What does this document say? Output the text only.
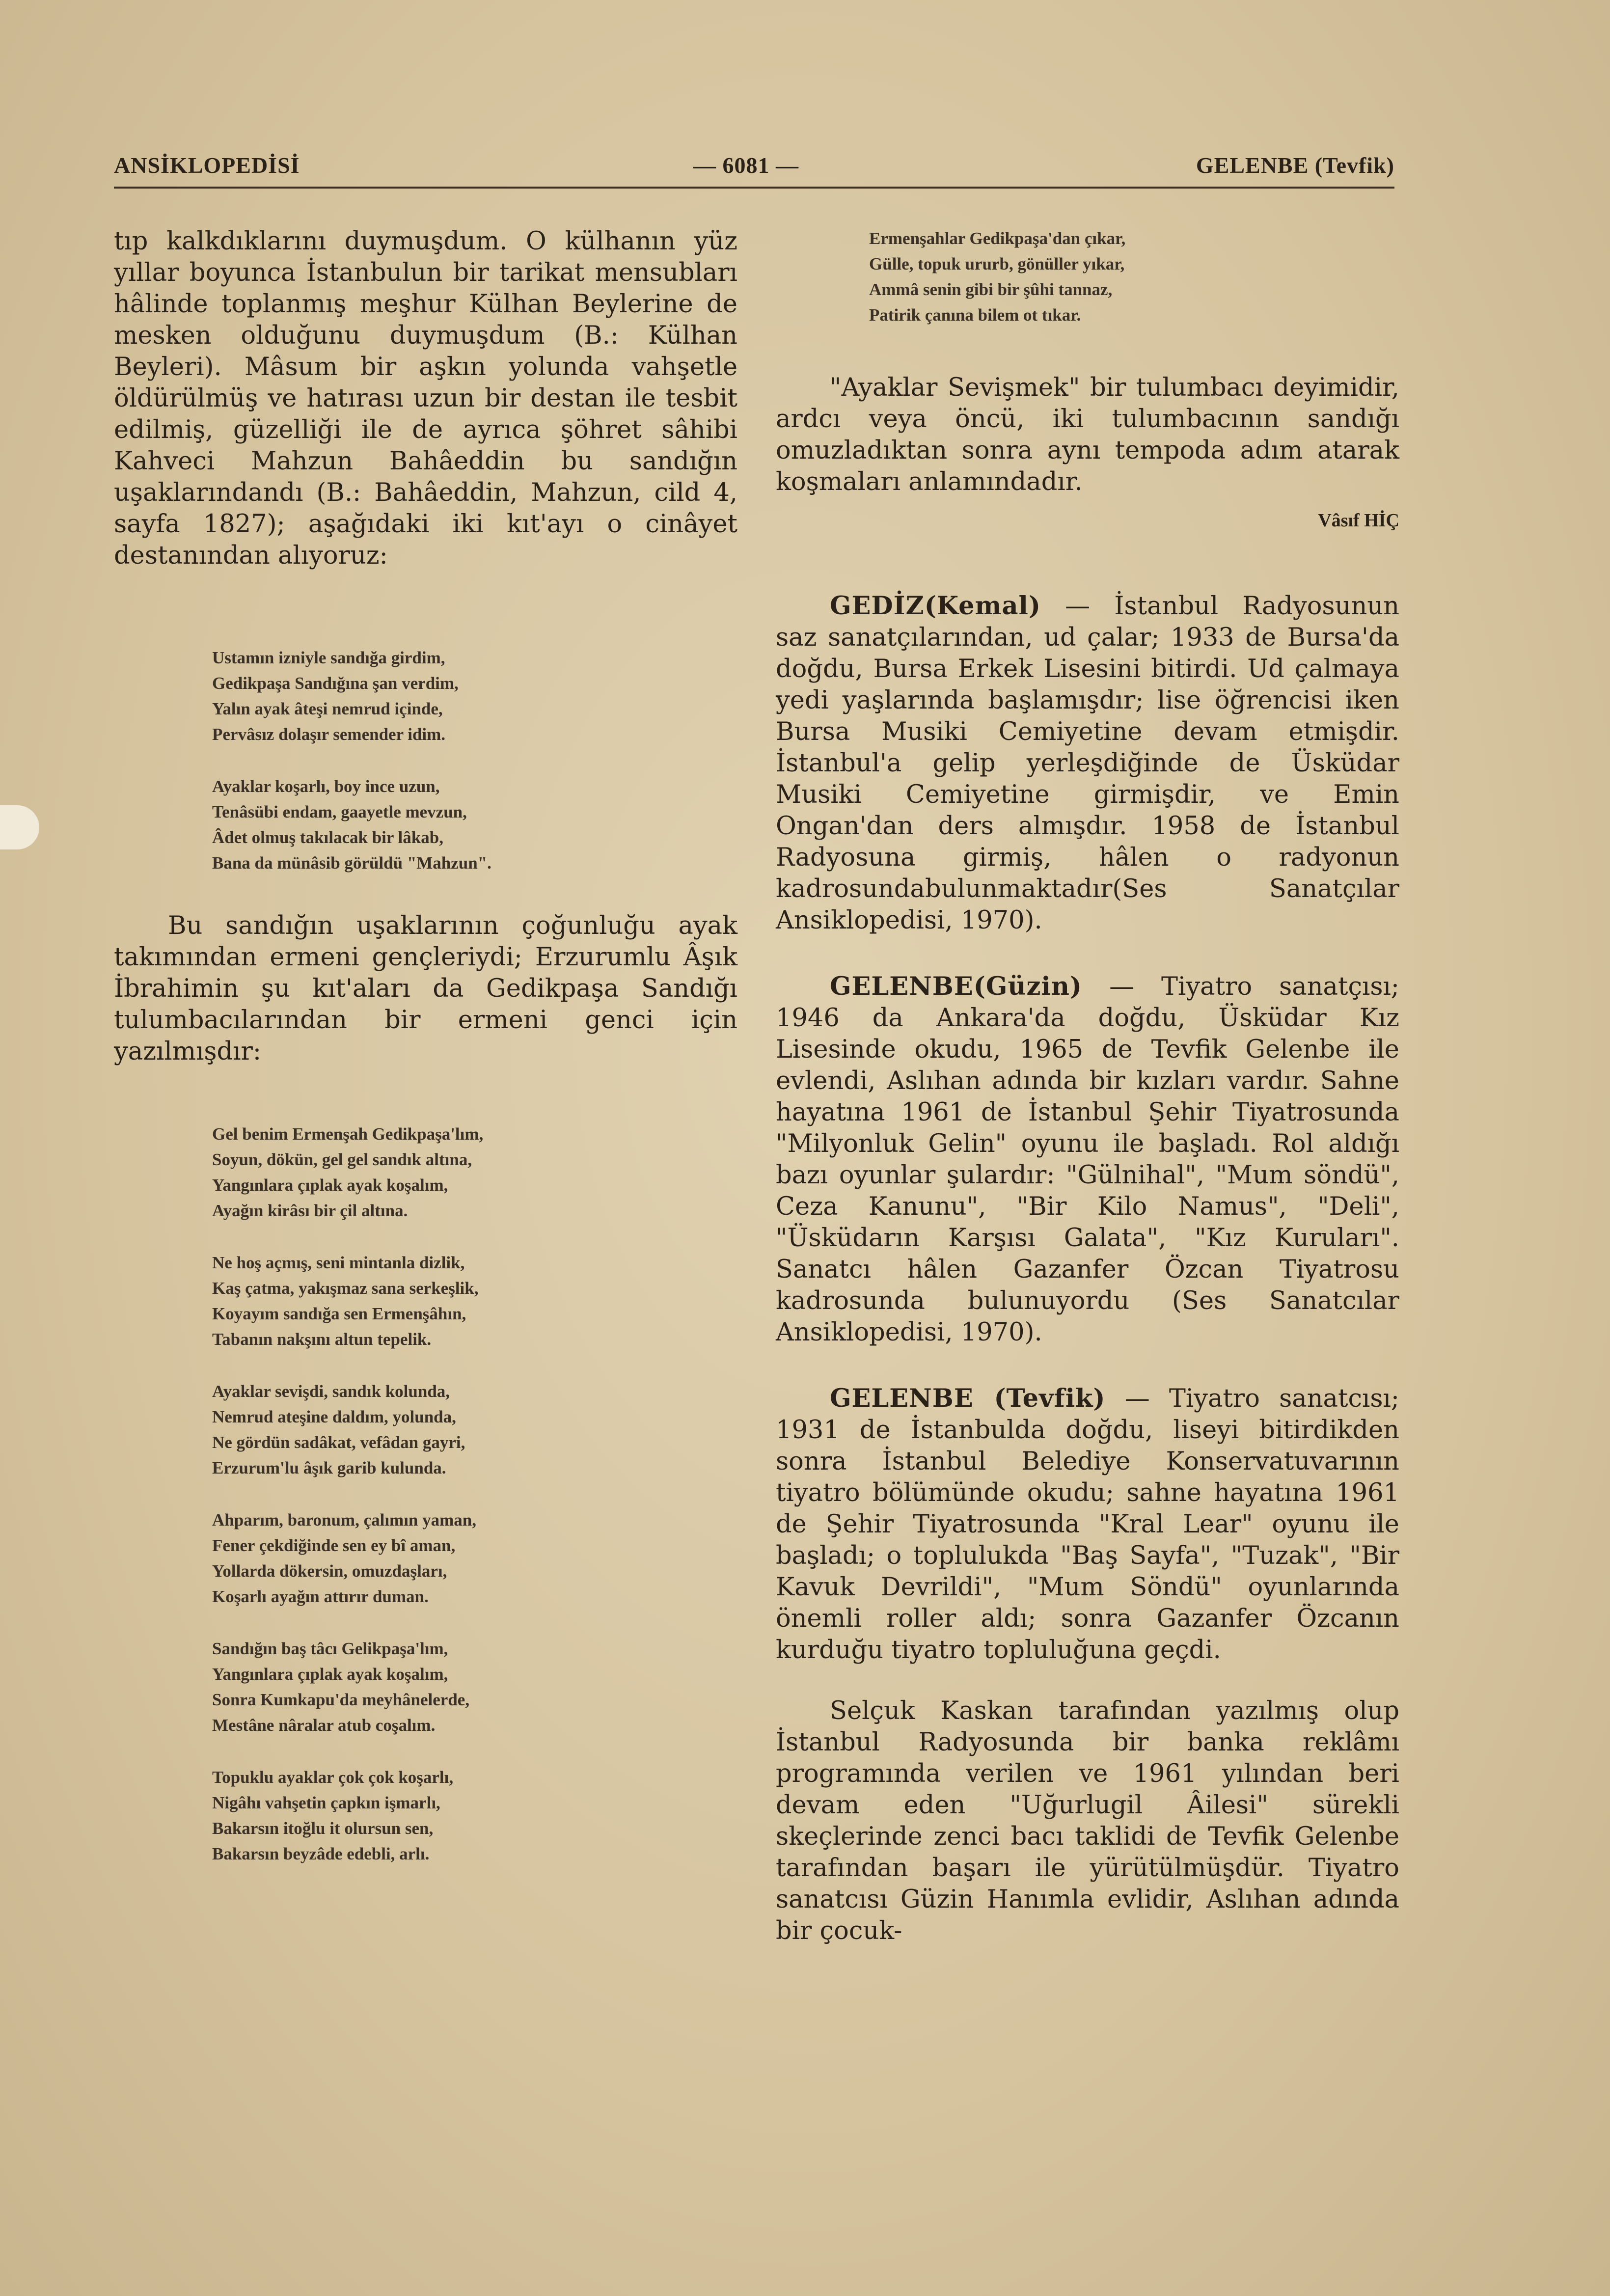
ANSİKLOPEDİSİ	— 6081 —	GELENBE (Tevfik)

tıp kalkdıklarını duymuşdum. O külhanın yüz yıllar boyunca İstanbulun bir tarikat mensubları hâlinde toplanmış meşhur Külhan Beylerine de mesken olduğunu duymuşdum (B.: Külhan Beyleri). Mâsum bir aşkın yolunda vahşetle öldürülmüş ve hatırası uzun bir destan ile tesbit edilmiş, güzelliği ile de ayrıca şöhret sâhibi Kahveci Mahzun Bahâeddin bu sandığın uşaklarındandı (B.: Bahâeddin, Mahzun, cild 4, sayfa 1827); aşağıdaki iki kıt'ayı o cinâyet destanından alıyoruz:

Ustamın izniyle sandığa girdim,
Gedikpaşa Sandığına şan verdim,
Yalın ayak âteşi nemrud içinde,
Pervâsız dolaşır semender idim.
Ayaklar koşarlı, boy ince uzun,
Tenâsübi endam, gaayetle mevzun,
Âdet olmuş takılacak bir lâkab,
Bana da münâsib görüldü "Mahzun".

Bu sandığın uşaklarının çoğunluğu ayak takımından ermeni gençleriydi; Erzurumlu Âşık İbrahimin şu kıt'aları da Gedikpaşa Sandığı tulumbacılarından bir ermeni genci için yazılmışdır:

Gel benim Ermenşah Gedikpaşa'lım,
Soyun, dökün, gel gel sandık altına,
Yangınlara çıplak ayak koşalım,
Ayağın kirâsı bir çil altına.
Ne hoş açmış, seni mintanla dizlik,
Kaş çatma, yakışmaz sana serkeşlik,
Koyayım sandığa sen Ermenşâhın,
Tabanın nakşını altun tepelik.
Ayaklar sevişdi, sandık kolunda,
Nemrud ateşine daldım, yolunda,
Ne gördün sadâkat, vefâdan gayri,
Erzurum'lu âşık garib kulunda.
Ahparım, baronum, çalımın yaman,
Fener çekdiğinde sen ey bî aman,
Yollarda dökersin, omuzdaşları,
Koşarlı ayağın attırır duman.
Sandığın baş tâcı Gelikpaşa'lım,
Yangınlara çıplak ayak koşalım,
Sonra Kumkapu'da meyhânelerde,
Mestâne nâralar atub coşalım.
Topuklu ayaklar çok çok koşarlı,
Nigâhı vahşetin çapkın işmarlı,
Bakarsın itoğlu it olursun sen,
Bakarsın beyzâde edebli, arlı.
Ermenşahlar Gedikpaşa'dan çıkar,
Gülle, topuk ururb, gönüller yıkar,
Ammâ senin gibi bir şûhi tannaz,
Patirik çanına bilem ot tıkar.

"Ayaklar Sevişmek" bir tulumbacı deyimidir, ardcı veya öncü, iki tulumbacının sandığı omuzladıktan sonra aynı tempoda adım atarak koşmaları anlamındadır.

Vâsıf HİÇ

GEDİZ(Kemal) — İstanbul Radyosunun saz sanatçılarından, ud çalar; 1933 de Bursa'da doğdu, Bursa Erkek Lisesini bitirdi. Ud çalmaya yedi yaşlarında başlamışdır; lise öğrencisi iken Bursa Musiki Cemiyetine devam etmişdir. İstanbul'a gelip yerleşdiğinde de Üsküdar Musiki Cemiyetine girmişdir, ve Emin Ongan'dan ders almışdır. 1958 de İstanbul Radyosuna girmiş, hâlen o radyonun kadrosundabulunmaktadır(Ses Sanatçılar Ansiklopedisi, 1970).

GELENBE(Güzin) — Tiyatro sanatçısı; 1946 da Ankara'da doğdu, Üsküdar Kız Lisesinde okudu, 1965 de Tevfik Gelenbe ile evlendi, Aslıhan adında bir kızları vardır. Sahne hayatına 1961 de İstanbul Şehir Tiyatrosunda "Milyonluk Gelin" oyunu ile başladı. Rol aldığı bazı oyunlar şulardır: "Gülnihal", "Mum söndü", Ceza Kanunu", "Bir Kilo Namus", "Deli", "Üsküdarın Karşısı Galata", "Kız Kuruları". Sanatcı hâlen Gazanfer Özcan Tiyatrosu kadrosunda bulunuyordu (Ses Sanatcılar Ansiklopedisi, 1970).

GELENBE (Tevfik) — Tiyatro sanatcısı; 1931 de İstanbulda doğdu, liseyi bitirdikden sonra İstanbul Belediye Konservatuvarının tiyatro bölümünde okudu; sahne hayatına 1961 de Şehir Tiyatrosunda "Kral Lear" oyunu ile başladı; o toplulukda "Baş Sayfa", "Tuzak", "Bir Kavuk Devrildi", "Mum Söndü" oyunlarında önemli roller aldı; sonra Gazanfer Özcanın kurduğu tiyatro topluluğuna geçdi.

Selçuk Kaskan tarafından yazılmış olup İstanbul Radyosunda bir banka reklâmı programında verilen ve 1961 yılından beri devam eden "Uğurlugil Âilesi" sürekli skeçlerinde zenci bacı taklidi de Tevfik Gelenbe tarafından başarı ile yürütülmüşdür. Tiyatro sanatcısı Güzin Hanımla evlidir, Aslıhan adında bir çocuk-
